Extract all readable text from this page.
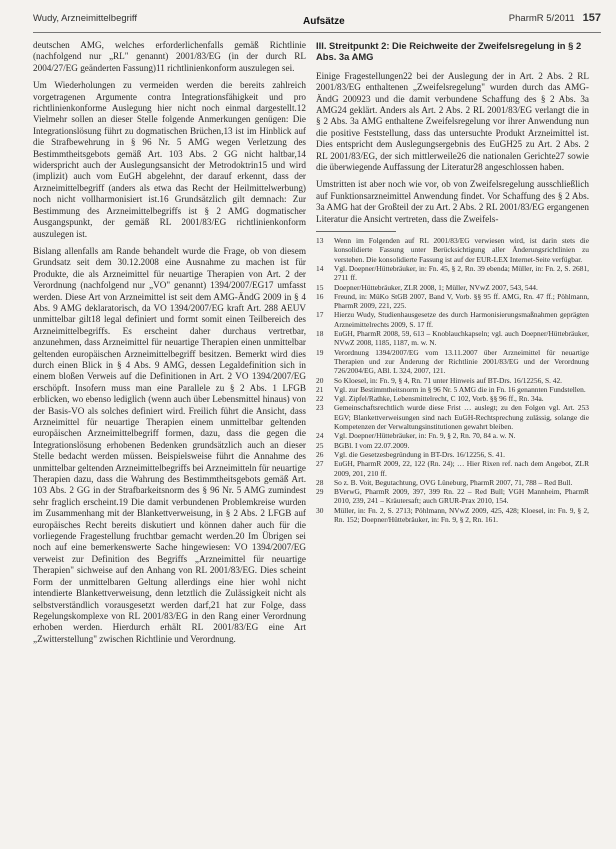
Wudy, Arzneimittelbegriff	Aufsätze	PharmR 5/2011 157

deutschen AMG, welches erforderlichenfalls gemäß Richtlinie (nachfolgend nur „RL" genannt) 2001/83/EG (in der durch RL 2004/27/EG geänderten Fassung)11 richtlinienkonform auszulegen sei.

Um Wiederholungen zu vermeiden werden die bereits zahlreich vorgetragenen Argumente contra Integrationsfähigkeit und pro richtlinienkonforme Auslegung hier nicht noch einmal dargestellt.12 Vielmehr sollen an dieser Stelle folgende Anmerkungen genügen: Die Integrationslösung führt zu dogmatischen Brüchen,13 ist im Hinblick auf die Strafbewehrung in § 96 Nr. 5 AMG wegen Verletzung des Bestimmtheitsgebots gemäß Art. 103 Abs. 2 GG nicht haltbar,14 widerspricht auch der Auslegungsansicht der Metrodoktrin15 und wird (implizit) auch vom EuGH abgelehnt, der darauf erkennt, dass der Arzneimittelbegriff (anders als etwa das Recht der Heilmittelwerbung) noch nicht vollharmonisiert ist.16 Grundsätzlich gilt demnach: Zur Bestimmung des Arzneimittelbegriffs ist § 2 AMG dogmatischer Ausgangspunkt, der gemäß RL 2001/83/EG richtlinienkonform auszulegen ist.

Bislang allenfalls am Rande behandelt wurde die Frage, ob von diesem Grundsatz seit dem 30.12.2008 eine Ausnahme zu machen ist für Produkte, die als Arzneimittel für neuartige Therapien von Art. 2 der Verordnung (nachfolgend nur „VO" genannt) 1394/2007/EG17 umfasst werden. Diese Art von Arzneimittel ist seit dem AMG-ÄndG 2009 in § 4 Abs. 9 AMG deklaratorisch, da VO 1394/2007/EG kraft Art. 288 AEUV unmittelbar gilt18 legal definiert und formt somit einen Teilbereich des Arzneimittelbegriffs. Es erscheint daher durchaus vertretbar, anzunehmen, dass Arzneimittel für neuartige Therapien einen unmittelbar geltenden europäischen Arzneimittelbegriff besitzen. Bemerkt wird dies durch einen Blick in § 4 Abs. 9 AMG, dessen Legaldefinition sich in einem bloßen Verweis auf die Definitionen in Art. 2 VO 1394/2007/EG erschöpft. Insofern muss man eine Parallele zu § 2 Abs. 1 LFGB erblicken, wo ebenso lediglich (wenn auch über Lebensmittel hinaus) von der Basis-VO als solches definiert wird. Freilich führt die Ansicht, dass Arzneimittel für neuartige Therapien einem unmittelbar geltenden europäischen Arzneimittelbegriff formen, dazu, dass die gegen die Integrationslösung erhobenen Bedenken grundsätzlich auch an dieser Stelle bedacht werden müssen. Beispielsweise führt die Annahme des unmittelbar geltenden Arzneimittelbegriffs bei Arzneimitteln für neuartige Therapien dazu, dass die Wahrung des Bestimmtheitsgebots gemäß Art. 103 Abs. 2 GG in der Strafbarkeitsnorm des § 96 Nr. 5 AMG zumindest sehr fraglich erscheint.19 Die damit verbundenen Problemkreise wurden im Zusammenhang mit der Blankettverweisung, in § 2 Abs. 2 LFGB auf europäisches Recht bereits diskutiert und können daher auch für die vorliegende Fragestellung fruchtbar gemacht werden.20 Im Übrigen sei noch auf eine bemerkenswerte Sache hingewiesen: VO 1394/2007/EG verweist zur Definition des Begriffs „Arzneimittel für neuartige Therapien" sichweise auf den Anhang von RL 2001/83/EG. Dies scheint Form der unmittelbaren Geltung allerdings eine hier wohl nicht intendierte Blankettverweisung, denn letztlich die Zulässigkeit nicht als selbstverständlich vorausgesetzt werden darf,21 hat zur Folge, dass Regelungskomplexe von RL 2001/83/EG in den Rang einer Verordnung erhoben werden. Hierdurch erhält RL 2001/83/EG eine Art „Zwitterstellung" zwischen Richtlinie und Verordnung.

III. Streitpunkt 2: Die Reichweite der Zweifelsregelung in § 2 Abs. 3a AMG

Einige Fragestellungen22 bei der Auslegung der in Art. 2 Abs. 2 RL 2001/83/EG enthaltenen „Zweifelsregelung" wurden durch das AMG-ÄndG 200923 und die damit verbundene Schaffung des § 2 Abs. 3a AMG24 geklärt. Anders als Art. 2 Abs. 2 RL 2001/83/EG verlangt die in § 2 Abs. 3a AMG enthaltene Zweifelsregelung vor ihrer Anwendung nun die positive Feststellung, dass das untersuchte Produkt Arzneimittel ist. Dies entspricht dem Auslegungsergebnis des EuGH25 zu Art. 2 Abs. 2 RL 2001/83/EG, der sich mittlerweile26 die nationalen Gerichte27 sowie die überwiegende Auffassung der Literatur28 angeschlossen haben.

Umstritten ist aber noch wie vor, ob von Zweifelsregelung ausschließlich auf Funktionsarzneimittel Anwendung findet. Vor Schaffung des § 2 Abs. 3a AMG hat der Großteil der zu Art. 2 Abs. 2 RL 2001/83/EG ergangenen Literatur die Ansicht vertreten, dass die Zweifels-

13	Wenn im Folgenden auf RL 2001/83/EG verwiesen wird, ist darin stets die konsolidierte Fassung unter Berücksichtigung aller Änderungsrichtlinien zu verstehen. Die konsolidierte Fassung ist auf der EUR-LEX Internet-Seite verfügbar.
14	Vgl. Doepner/Hüttebräuker, in: Fn. 45, § 2, Rn. 39 ebenda; Müller, in: Fn. 2, S. 2681, 2711 ff.
15	Doepner/Hüttebräuker, ZLR 2008, 1; Müller, NVwZ 2007, 543, 544.
16	Freund, in: MüKo StGB 2007, Band V, Vorb. §§ 95 ff. AMG, Rn. 47 ff.; Pöhlmann, PharmR 2009, 221, 225.
17	Hierzu Wudy, Studienhausgesetze des durch Harmonisierungsmaßnahmen geprägten Arzneimittelrechts 2009, S. 17 ff.
18	EuGH, PharmR 2008, 59, 613 – Knoblauchkapseln; vgl. auch Doepner/Hüttebräuker, NVwZ 2008, 1185, 1187, m. w. N.
19	Verordnung 1394/2007/EG vom 13.11.2007 über Arzneimittel für neuartige Therapien und zur Änderung der Richtlinie 2001/83/EG und der Verordnung 726/2004/EG, ABl. L 324, 2007, 121.
20	So Kloesel, in: Fn. 9, § 4, Rn. 71 unter Hinweis auf BT-Drs. 16/12256, S. 42.
21	Vgl. zur Bestimmtheitsnorm in § 96 Nr. 5 AMG die in Fn. 16 genannten Fundstellen.
22	Vgl. Zipfel/Rathke, Lebensmittelrecht, C 102, Vorb. §§ 96 ff., Rn. 34a.
23	Gemeinschaftsrechtlich wurde diese Frist … auslegt; zu den Folgen vgl. Art. 253 EGV; Blankettverweisungen sind nach EuGH-Rechtsprechung zulässig, solange die Kompetenzen der Verwaltungsinstitutionen gewahrt bleiben.
24	Vgl. Doepner/Hüttebräuker, in: Fn. 9, § 2, Rn. 70, 84 a. w. N.
25	BGBl. I vom 22.07.2009.
26	Vgl. die Gesetzesbegründung in BT-Drs. 16/12256, S. 41.
27	EuGH, PharmR 2009, 22, 122 (Rn. 24); … Hier Rixen ref. nach dem Angebot, ZLR 2009, 201, 210 ff.
28	So z. B. Voit, Begutachtung, OVG Lüneburg, PharmR 2007, 71, 788 – Red Bull.
29	BVerwG, PharmR 2009, 397, 399 Rn. 22 – Red Bull; VGH Mannheim, PharmR 2010, 239, 241 – Kräutersaft; auch GRUR-Prax 2010, 154.
30	Müller, in: Fn. 2, S. 2713; Pöhlmann, NVwZ 2009, 425, 428; Kloesel, in: Fn. 9, § 2, Rn. 152; Doepner/Hüttebräuker, in: Fn. 9, § 2, Rn. 161.
